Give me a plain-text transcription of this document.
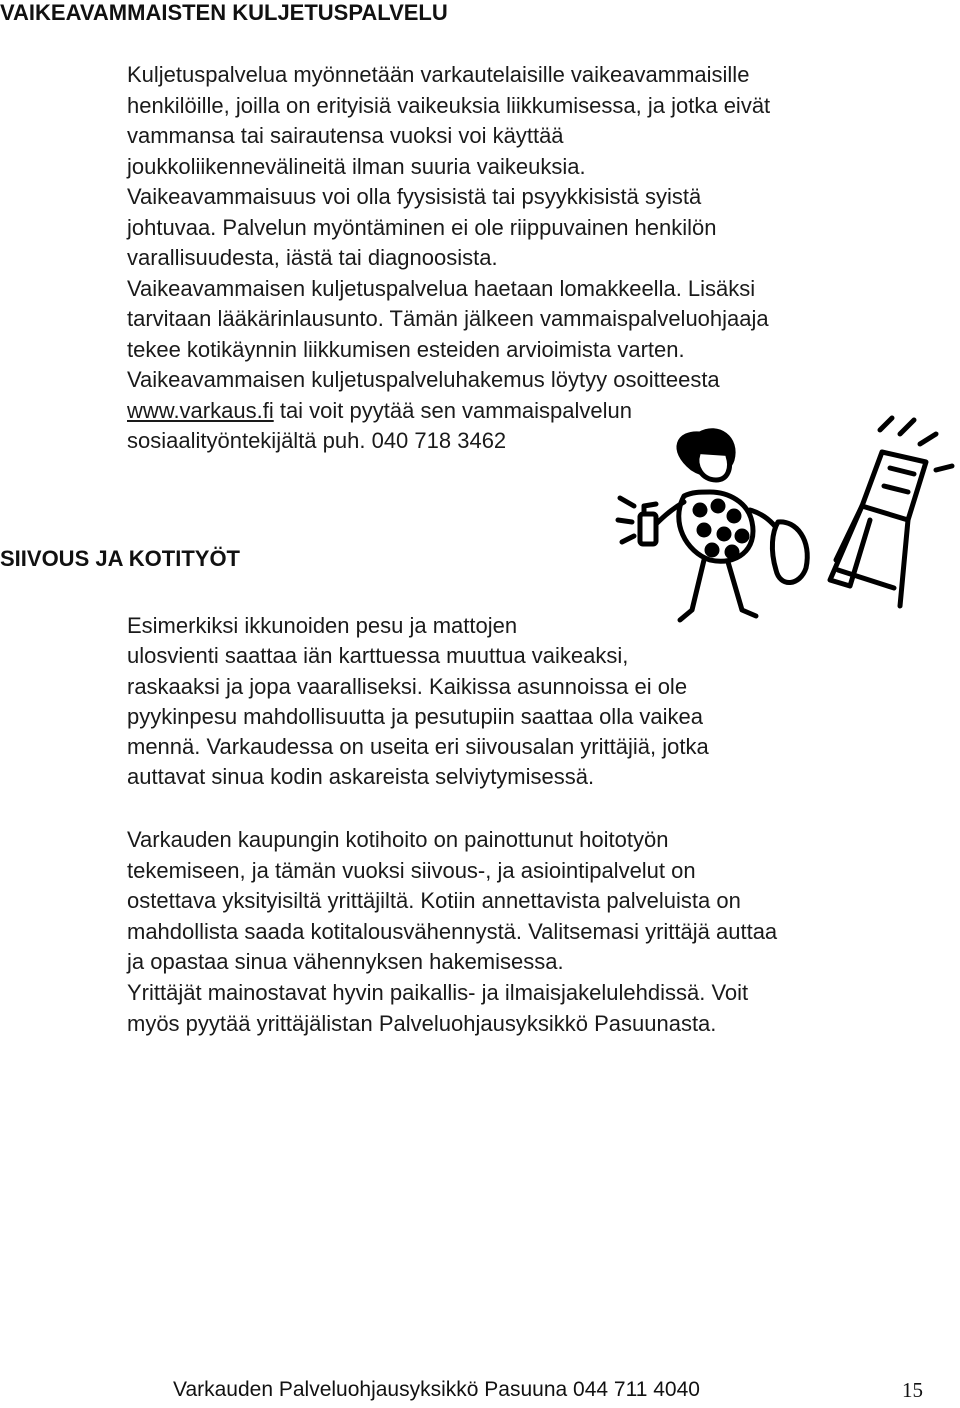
VAIKEAVAMMAISTEN KULJETUSPALVELU
Kuljetuspalvelua myönnetään varkautelaisille vaikeavammaisille
henkilöille, joilla on erityisiä vaikeuksia liikkumisessa, ja jotka eivät
vammansa tai sairautensa vuoksi voi käyttää
joukkoliikennevälineitä ilman suuria vaikeuksia.
Vaikeavammaisuus voi olla fyysisistä tai psyykkisistä syistä
johtuvaa. Palvelun myöntäminen ei ole riippuvainen henkilön
varallisuudesta, iästä tai diagnoosista.
Vaikeavammaisen kuljetuspalvelua haetaan lomakkeella. Lisäksi
tarvitaan lääkärinlausunto. Tämän jälkeen vammaispalveluohjaaja
tekee kotikäynnin liikkumisen esteiden arvioimista varten.
Vaikeavammaisen kuljetuspalveluhakemus löytyy osoitteesta
www.varkaus.fi tai voit pyytää sen vammaispalvelun
sosiaalityöntekijältä puh. 040 718 3462
SIIVOUS JA KOTITYÖT
Esimerkiksi ikkunoiden pesu ja mattojen
ulosvienti saattaa iän karttuessa muuttua vaikeaksi,
raskaaksi ja jopa vaaralliseksi. Kaikissa asunnoissa ei ole
pyykinpesu mahdollisuutta ja pesutupiin saattaa olla vaikea
mennä. Varkaudessa on useita eri siivousalan yrittäjiä, jotka
auttavat sinua kodin askareista selviytymisessä.
Varkauden kaupungin kotihoito on painottunut hoitotyön
tekemiseen, ja tämän vuoksi siivous-, ja asiointipalvelut on
ostettava yksityisiltä yrittäjiltä. Kotiin annettavista palveluista on
mahdollista saada kotitalousvähennystä. Valitsemasi yrittäjä auttaa
ja opastaa sinua vähennyksen hakemisessa.
Yrittäjät mainostavat hyvin paikallis- ja ilmaisjakelulehdissä. Voit
myös pyytää yrittäjälistan Palveluohjausyksikkö Pasuunasta.
Varkauden Palveluohjausyksikkö Pasuuna 044 711 4040	15
